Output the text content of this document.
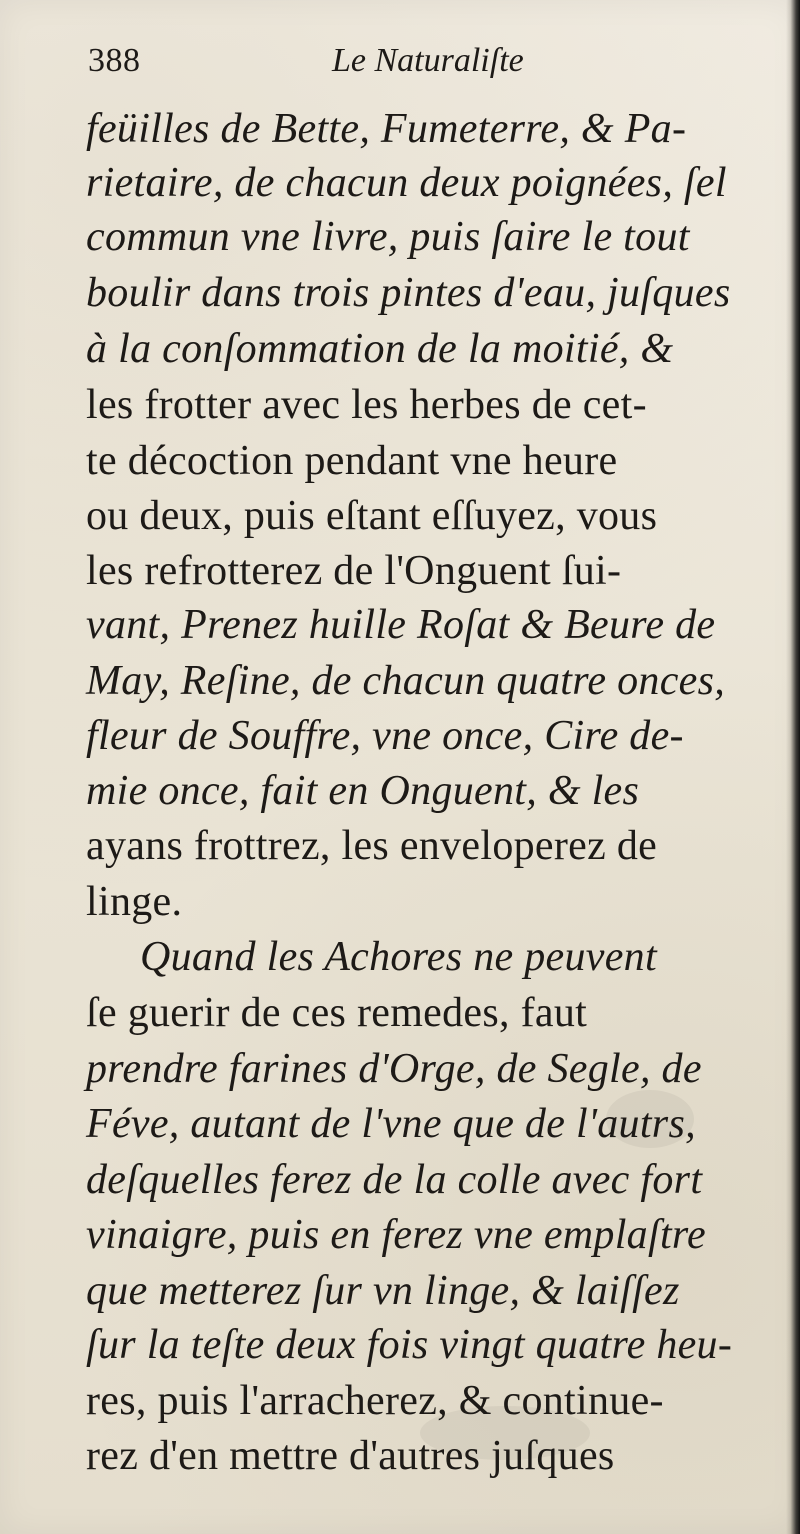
388	Le Naturaliſte
feüilles de Bette, Fumeterre, & Pa-
rietaire, de chacun deux poignées, ſel
commun vne livre, puis ſaire le tout
boulir dans trois pintes d'eau, juſques
à la conſommation de la moitié, &
les frotter avec les herbes de cet-
te décoction pendant vne heure
ou deux, puis eſtant eſſuyez, vous
les refrotterez de l'Onguent ſui-
vant, Prenez huille Roſat & Beure de
May, Reſine, de chacun quatre onces,
fleur de Souffre, vne once, Cire de-
mie once, fait en Onguent, & les
ayans frottrez, les enveloperez de
linge.
Quand les Achores ne peuvent
ſe guerir de ces remedes, faut
prendre farines d'Orge, de Segle, de
Féve, autant de l'vne que de l'autrs,
deſquelles ferez de la colle avec fort
vinaigre, puis en ferez vne emplaſtre
que metterez ſur vn linge, & laiſſez
ſur la teſte deux fois vingt quatre heu-
res, puis l'arracherez, & continue-
rez d'en mettre d'autres juſques
